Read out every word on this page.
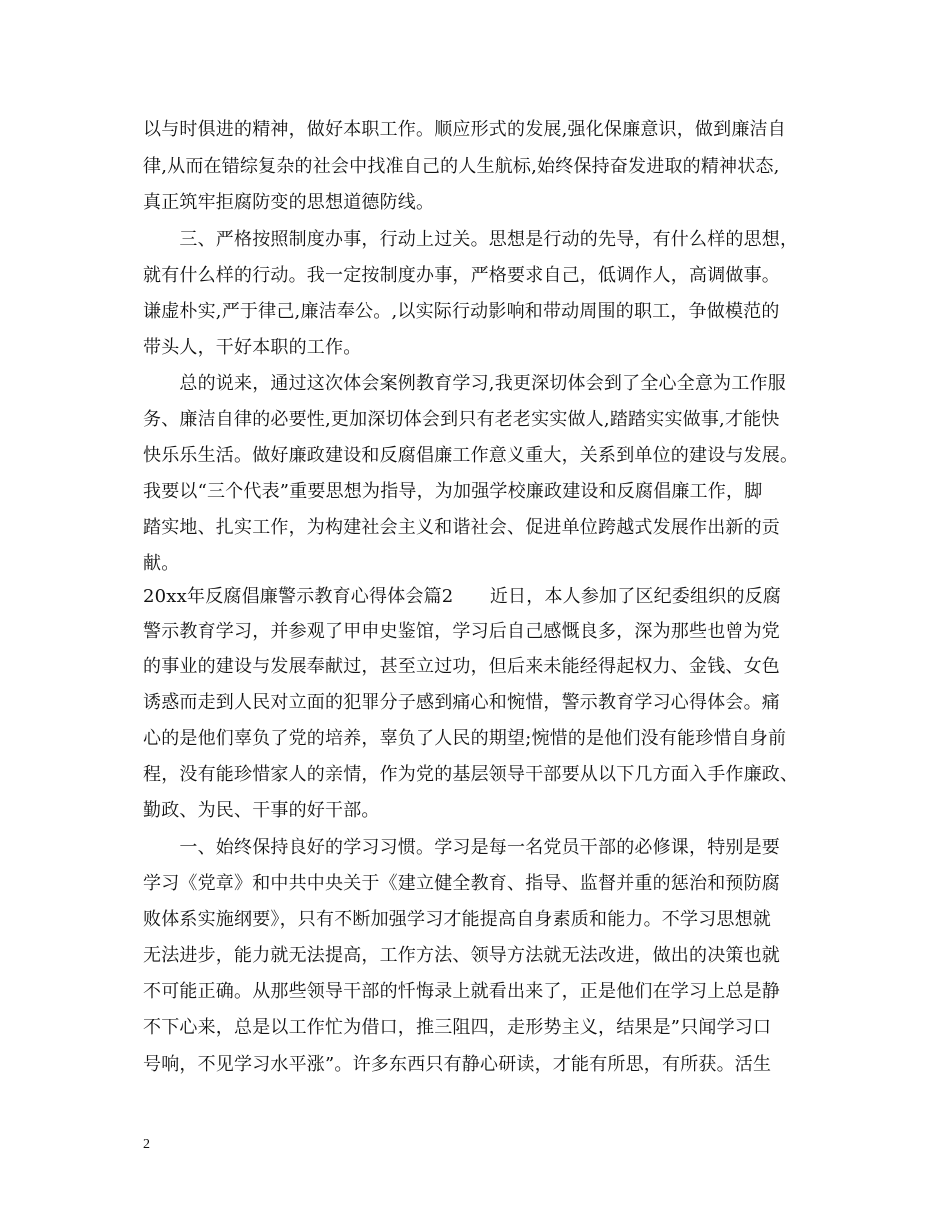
以与时俱进的精神，做好本职工作。顺应形式的发展,强化保廉意识，做到廉洁自
律,从而在错综复杂的社会中找准自己的人生航标,始终保持奋发进取的精神状态,
真正筑牢拒腐防变的思想道德防线。
　　三、严格按照制度办事，行动上过关。思想是行动的先导，有什么样的思想，
就有什么样的行动。我一定按制度办事，严格要求自己，低调作人，高调做事。
谦虚朴实,严于律己,廉洁奉公。,以实际行动影响和带动周围的职工，争做模范的
带头人，干好本职的工作。
　　总的说来，通过这次体会案例教育学习,我更深切体会到了全心全意为工作服
务、廉洁自律的必要性,更加深切体会到只有老老实实做人,踏踏实实做事,才能快
快乐乐生活。做好廉政建设和反腐倡廉工作意义重大，关系到单位的建设与发展。
我要以“三个代表”重要思想为指导，为加强学校廉政建设和反腐倡廉工作，脚
踏实地、扎实工作，为构建社会主义和谐社会、促进单位跨越式发展作出新的贡
献。
20xx年反腐倡廉警示教育心得体会篇2　　近日，本人参加了区纪委组织的反腐
警示教育学习，并参观了甲申史鉴馆，学习后自己感慨良多，深为那些也曾为党
的事业的建设与发展奉献过，甚至立过功，但后来未能经得起权力、金钱、女色
诱惑而走到人民对立面的犯罪分子感到痛心和惋惜，警示教育学习心得体会。痛
心的是他们辜负了党的培养，辜负了人民的期望;惋惜的是他们没有能珍惜自身前
程，没有能珍惜家人的亲情，作为党的基层领导干部要从以下几方面入手作廉政、
勤政、为民、干事的好干部。
　　一、始终保持良好的学习习惯。学习是每一名党员干部的必修课，特别是要
学习《党章》和中共中央关于《建立健全教育、指导、监督并重的惩治和预防腐
败体系实施纲要》，只有不断加强学习才能提高自身素质和能力。不学习思想就
无法进步，能力就无法提高，工作方法、领导方法就无法改进，做出的决策也就
不可能正确。从那些领导干部的忏悔录上就看出来了，正是他们在学习上总是静
不下心来，总是以工作忙为借口，推三阻四，走形势主义，结果是”只闻学习口
号响，不见学习水平涨”。许多东西只有静心研读，才能有所思，有所获。活生
2
